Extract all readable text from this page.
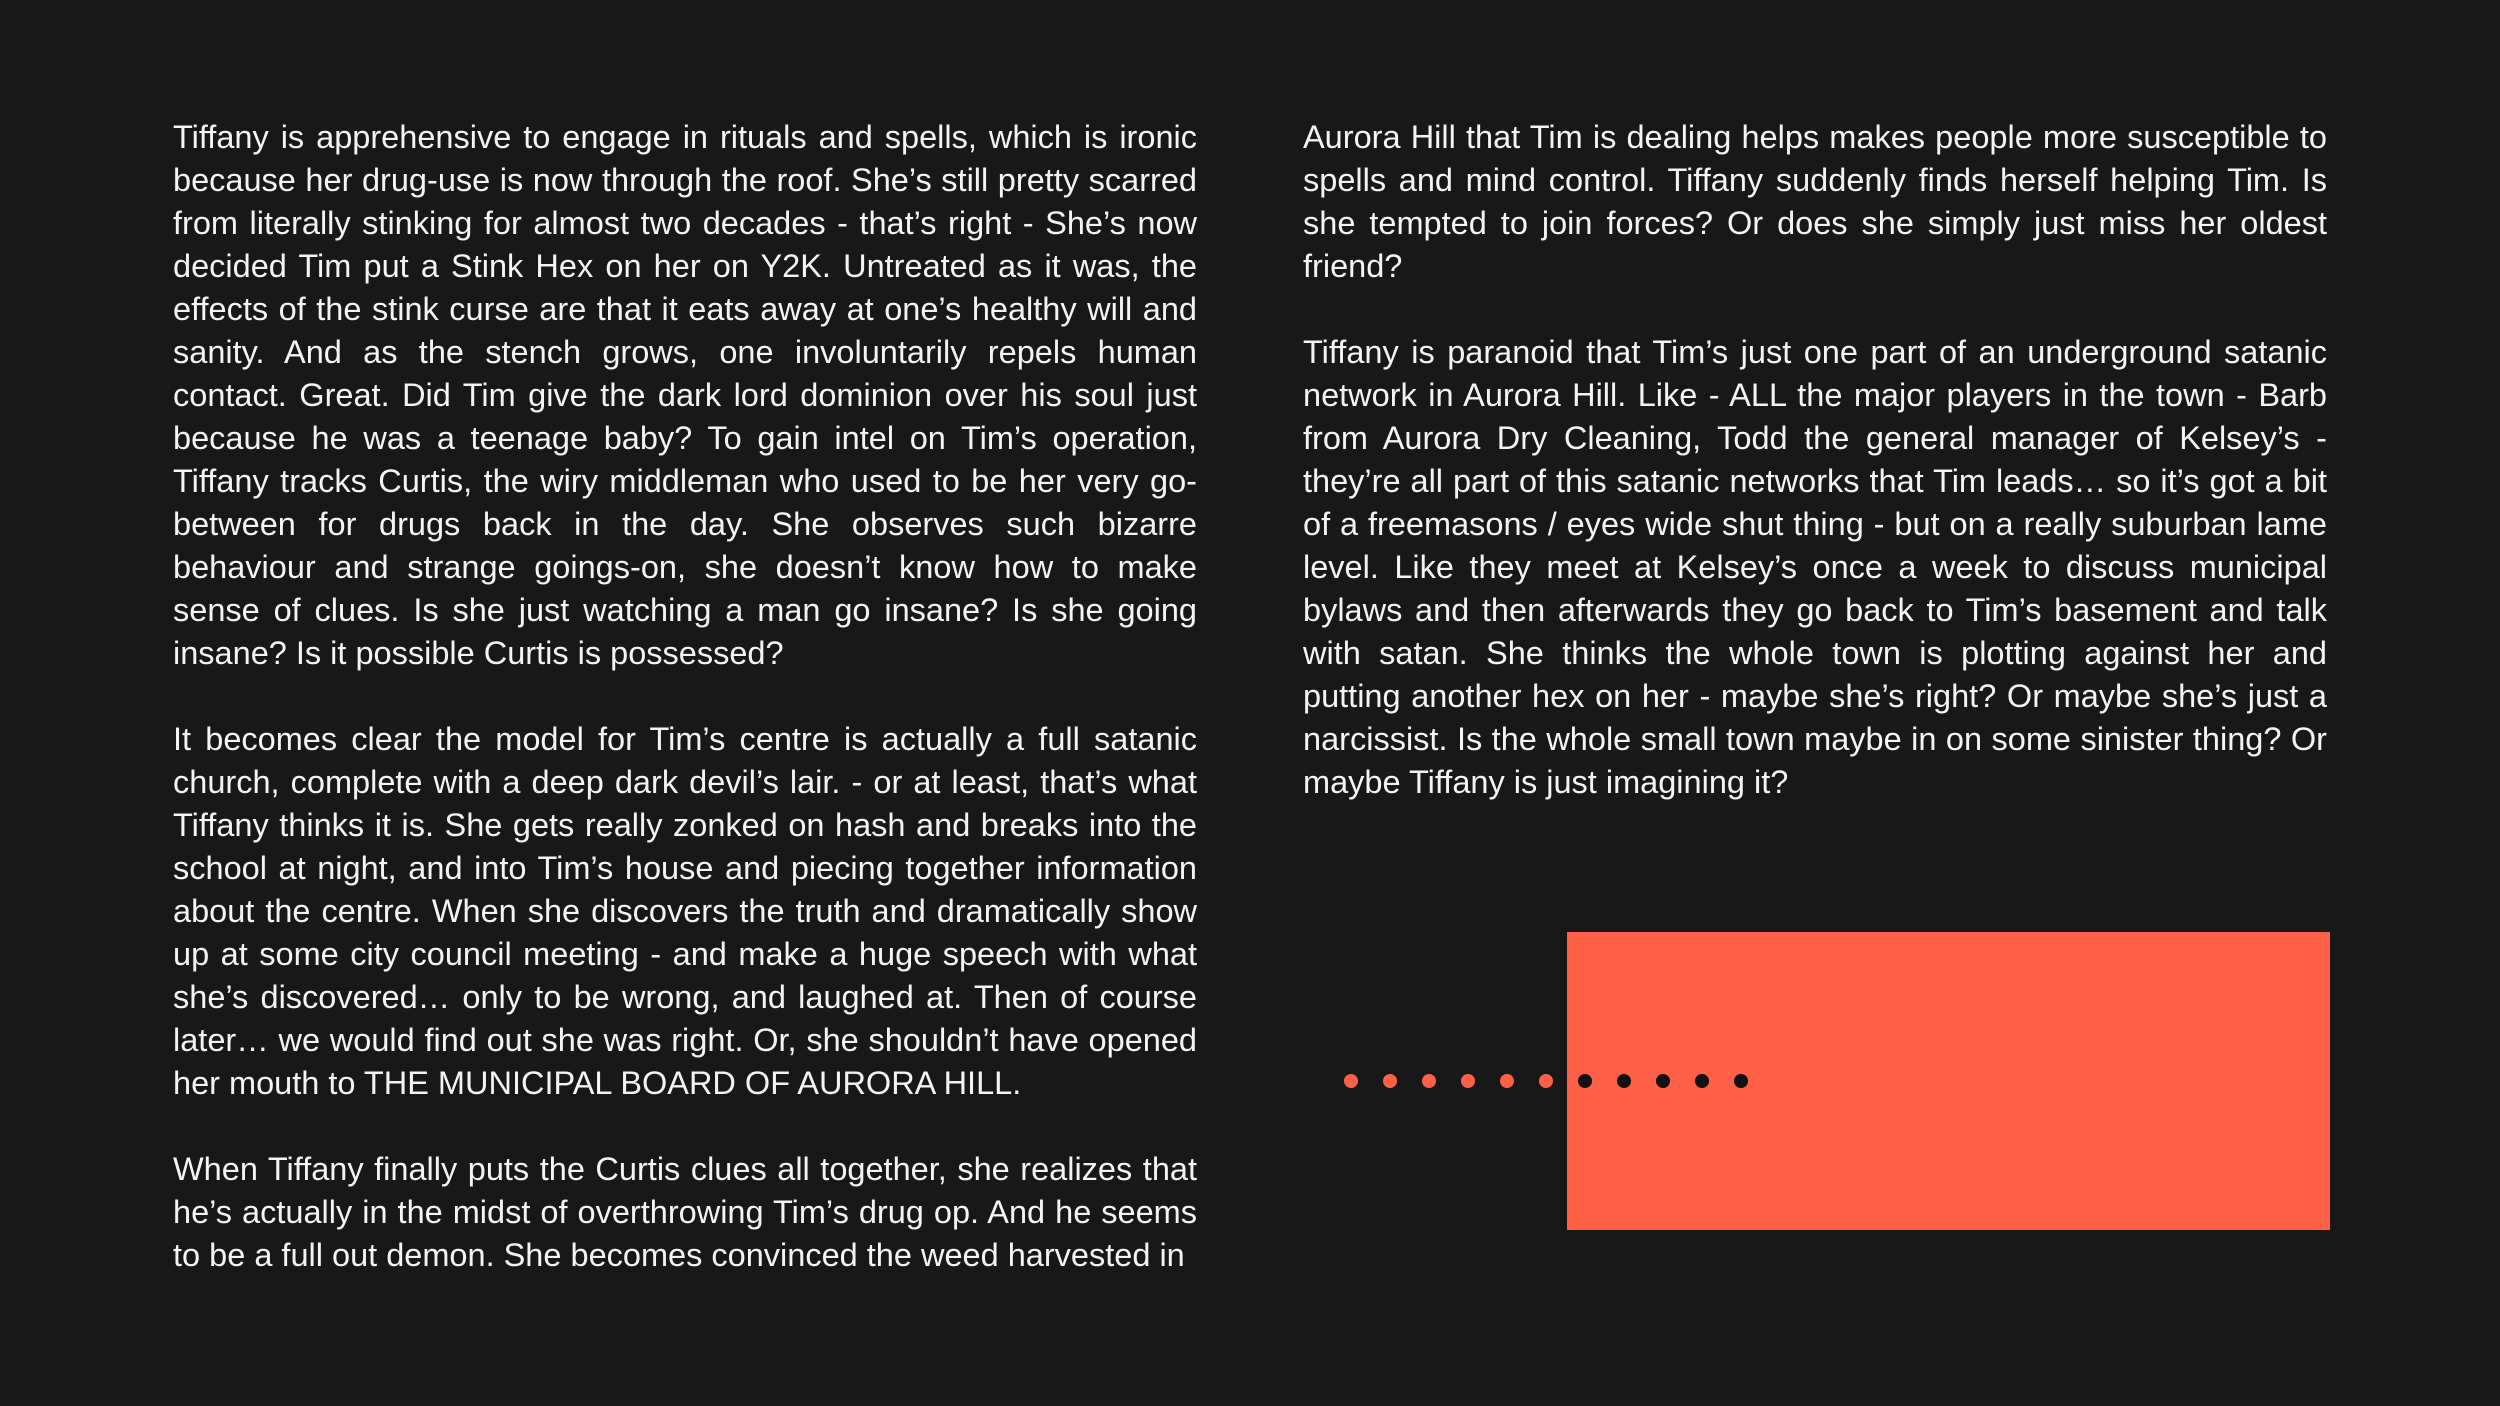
Tiffany is apprehensive to engage in rituals and spells, which is ironic because her drug-use is now through the roof. She’s still pretty scarred from literally stinking for almost two decades - that’s right - She’s now decided Tim put a Stink Hex on her on Y2K. Untreated as it was, the effects of the stink curse are that it eats away at one’s healthy will and sanity. And as the stench grows, one involuntarily repels human contact. Great. Did Tim give the dark lord dominion over his soul just because he was a teenage baby? To gain intel on Tim’s operation, Tiffany tracks Curtis, the wiry middleman who used to be her very go-between for drugs back in the day. She observes such bizarre behaviour and strange goings-on, she doesn’t know how to make sense of clues. Is she just watching a man go insane? Is she going insane? Is it possible Curtis is possessed?

It becomes clear the model for Tim’s centre is actually a full satanic church, complete with a deep dark devil’s lair. - or at least, that’s what Tiffany thinks it is. She gets really zonked on hash and breaks into the school at night, and into Tim’s house and piecing together information about the centre. When she discovers the truth and dramatically show up at some city council meeting - and make a huge speech with what she’s discovered… only to be wrong, and laughed at. Then of course later… we would find out she was right. Or, she shouldn’t have opened her mouth to THE MUNICIPAL BOARD OF AURORA HILL.

When Tiffany finally puts the Curtis clues all together, she realizes that he’s actually in the midst of overthrowing Tim’s drug op. And he seems to be a full out demon. She becomes convinced the weed harvested in

Aurora Hill that Tim is dealing helps makes people more susceptible to spells and mind control. Tiffany suddenly finds herself helping Tim. Is she tempted to join forces? Or does she simply just miss her oldest friend?

Tiffany is paranoid that Tim’s just one part of an underground satanic network in Aurora Hill. Like - ALL the major players in the town - Barb from Aurora Dry Cleaning, Todd the general manager of Kelsey’s - they’re all part of this satanic networks that Tim leads… so it’s got a bit of a freemasons / eyes wide shut thing - but on a really suburban lame level. Like they meet at Kelsey’s once a week to discuss municipal bylaws and then afterwards they go back to Tim’s basement and talk with satan. She thinks the whole town is plotting against her and putting another hex on her - maybe she’s right? Or maybe she’s just a narcissist. Is the whole small town maybe in on some sinister thing? Or maybe Tiffany is just imagining it?
